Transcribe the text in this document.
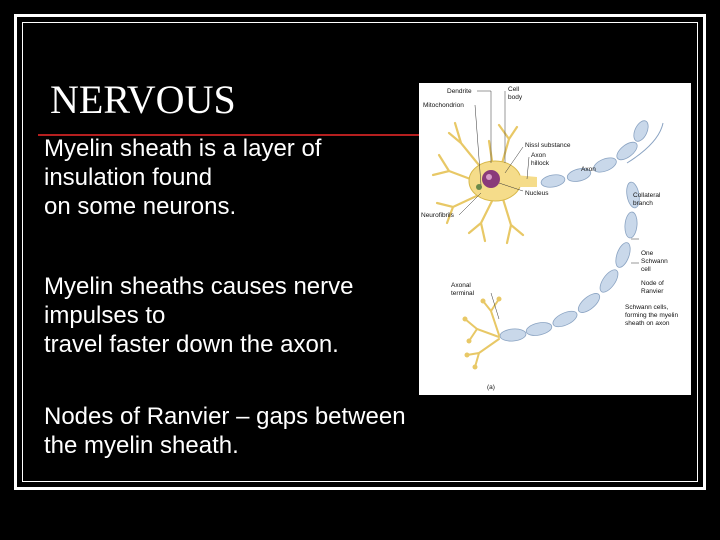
NERVOUS
Myelin sheath is a layer of
insulation found
on some neurons.
Myelin sheaths causes nerve
impulses to
travel faster down the axon.
Dendrite	Cell
body
Mitochondrion
Nissl substance
Axon
hillock
Axon
Nucleus	Collateral
branch
Neurofibrils
One
Schwann
cell
Node of
Ranvier
Axonal
terminal
Schwann cells,
forming the myelin
sheath on axon
(a)
Nodes of Ranvier – gaps between
the myelin sheath.
